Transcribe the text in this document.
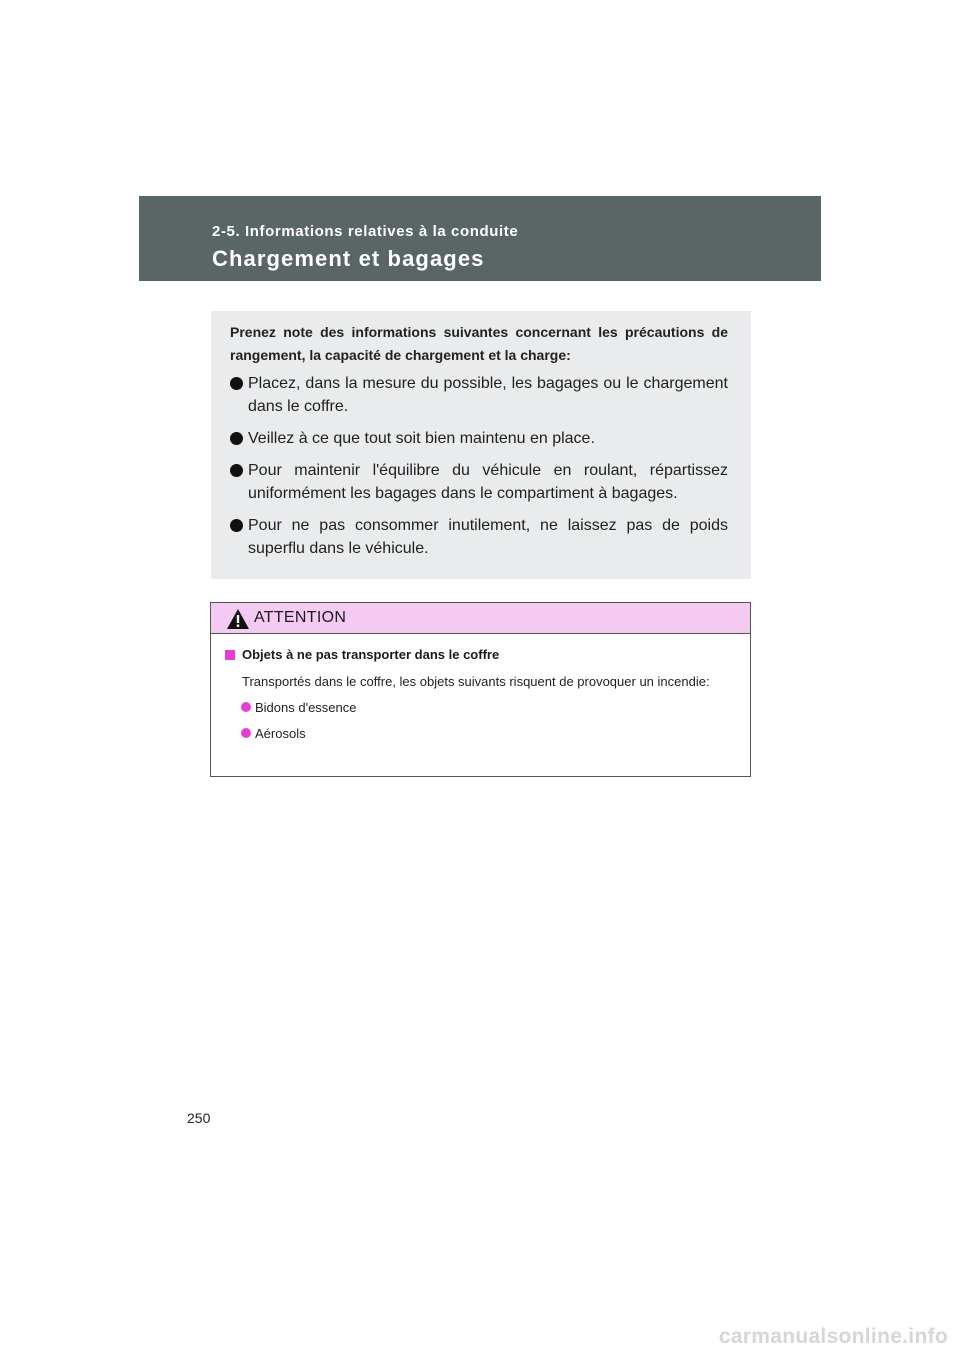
2-5. Informations relatives à la conduite
Chargement et bagages

Prenez note des informations suivantes concernant les précautions de rangement, la capacité de chargement et la charge:

Placez, dans la mesure du possible, les bagages ou le chargement dans le coffre.
Veillez à ce que tout soit bien maintenu en place.
Pour maintenir l'équilibre du véhicule en roulant, répartissez uniformément les bagages dans le compartiment à bagages.
Pour ne pas consommer inutilement, ne laissez pas de poids superflu dans le véhicule.
ATTENTION
Objets à ne pas transporter dans le coffre
Transportés dans le coffre, les objets suivants risquent de provoquer un incendie:
Bidons d'essence
Aérosols
250
carmanualsonline.info
